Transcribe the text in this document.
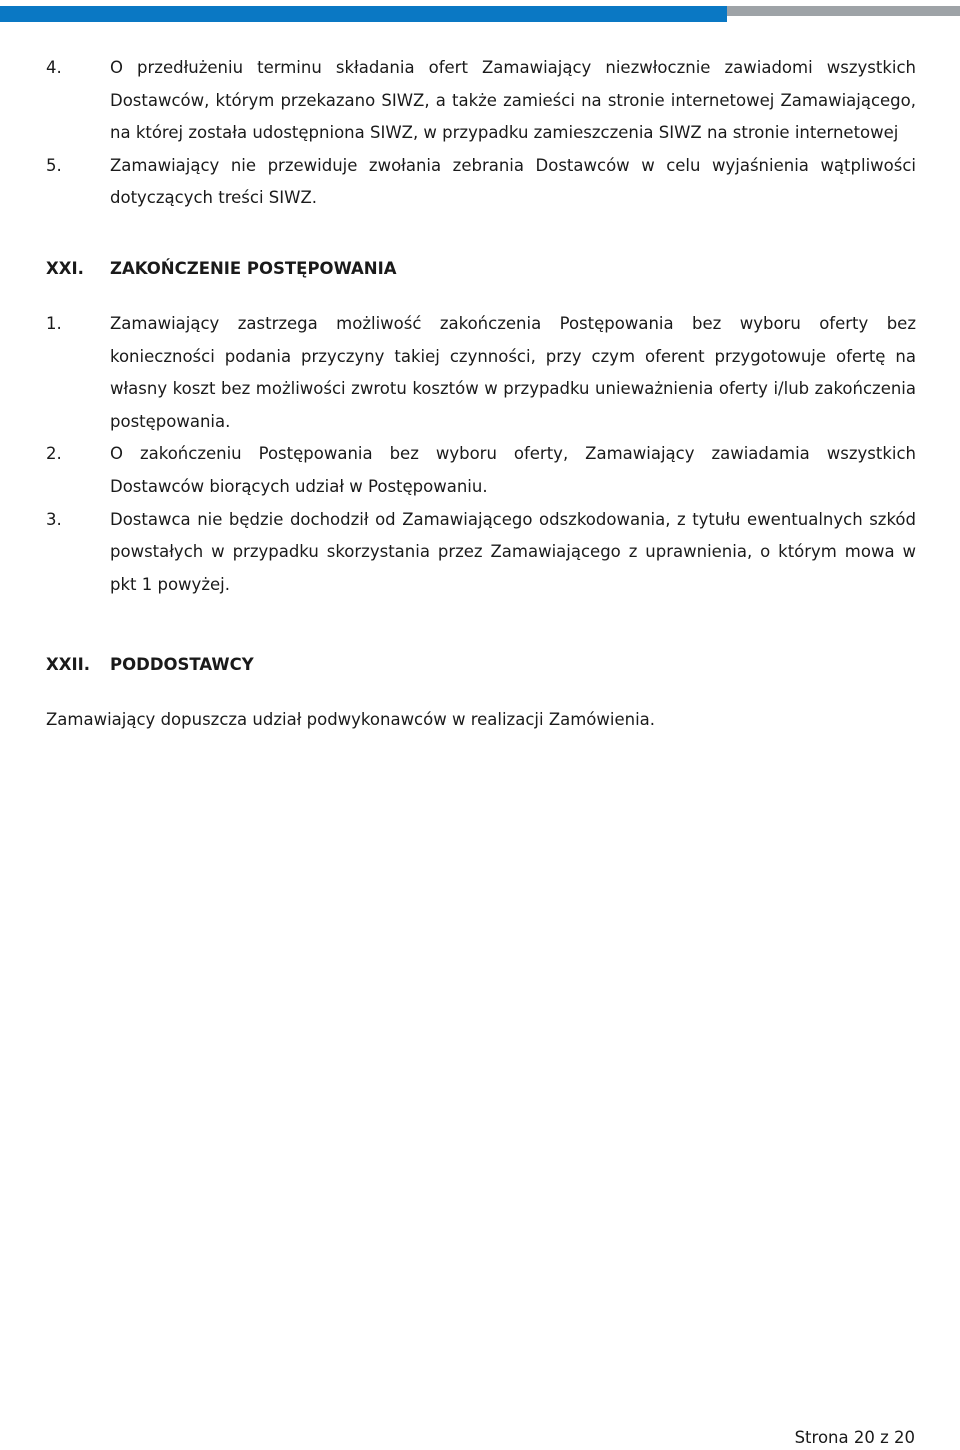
4.	O przedłużeniu terminu składania ofert Zamawiający niezwłocznie zawiadomi wszystkich Dostawców, którym przekazano SIWZ, a także zamieści na stronie internetowej Zamawiającego, na której została udostępniona SIWZ, w przypadku zamieszczenia SIWZ na stronie internetowej
5.	Zamawiający nie przewiduje zwołania zebrania Dostawców w celu wyjaśnienia wątpliwości dotyczących treści SIWZ.
XXI.	ZAKOŃCZENIE POSTĘPOWANIA
1.	Zamawiający zastrzega możliwość zakończenia Postępowania bez wyboru oferty bez konieczności podania przyczyny takiej czynności, przy czym oferent przygotowuje ofertę na własny koszt bez możliwości zwrotu kosztów w przypadku unieważnienia oferty i/lub zakończenia postępowania.
2.	O zakończeniu Postępowania bez wyboru oferty, Zamawiający zawiadamia wszystkich Dostawców biorących udział w Postępowaniu.
3.	Dostawca nie będzie dochodził od Zamawiającego odszkodowania, z tytułu ewentualnych szkód powstałych w przypadku skorzystania przez Zamawiającego z uprawnienia, o którym mowa w pkt 1 powyżej.
XXII.	PODDOSTAWCY
Zamawiający dopuszcza udział podwykonawców w realizacji Zamówienia.
Strona 20 z 20
